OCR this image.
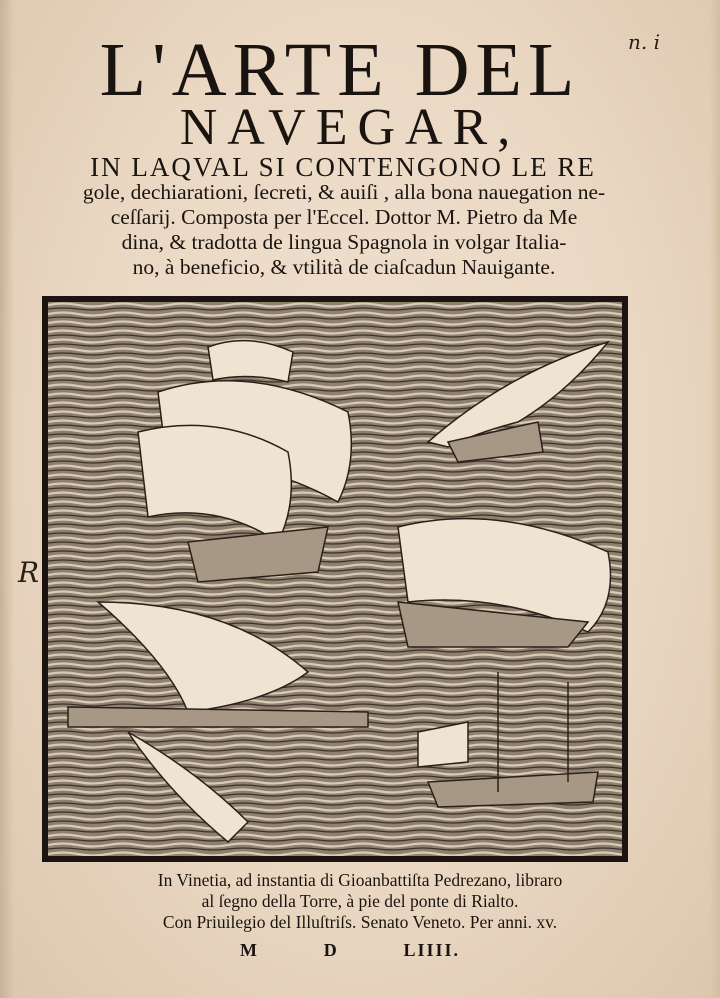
L'ARTE DEL
NAVEGAR,
n. i
IN LAQVAL SI CONTENGONO LE RE
gole, dechiarationi, ſecreti, & auiſi , alla bona nauegation ne-
ceſſarij. Composta per l'Eccel. Dottor M. Pietro da Me
dina, & tradotta de lingua Spagnola in volgar Italia-
no, à beneficio, & vtilità de ciaſcadun Nauigante.
R
In Vinetia, ad instantia di Gioanbattiſta Pedrezano, libraro
al ſegno della Torre, à pie del ponte di Rialto.
Con Priuilegio del Illuſtriſs. Senato Veneto. Per anni. xv.
M	D	LIIII.
